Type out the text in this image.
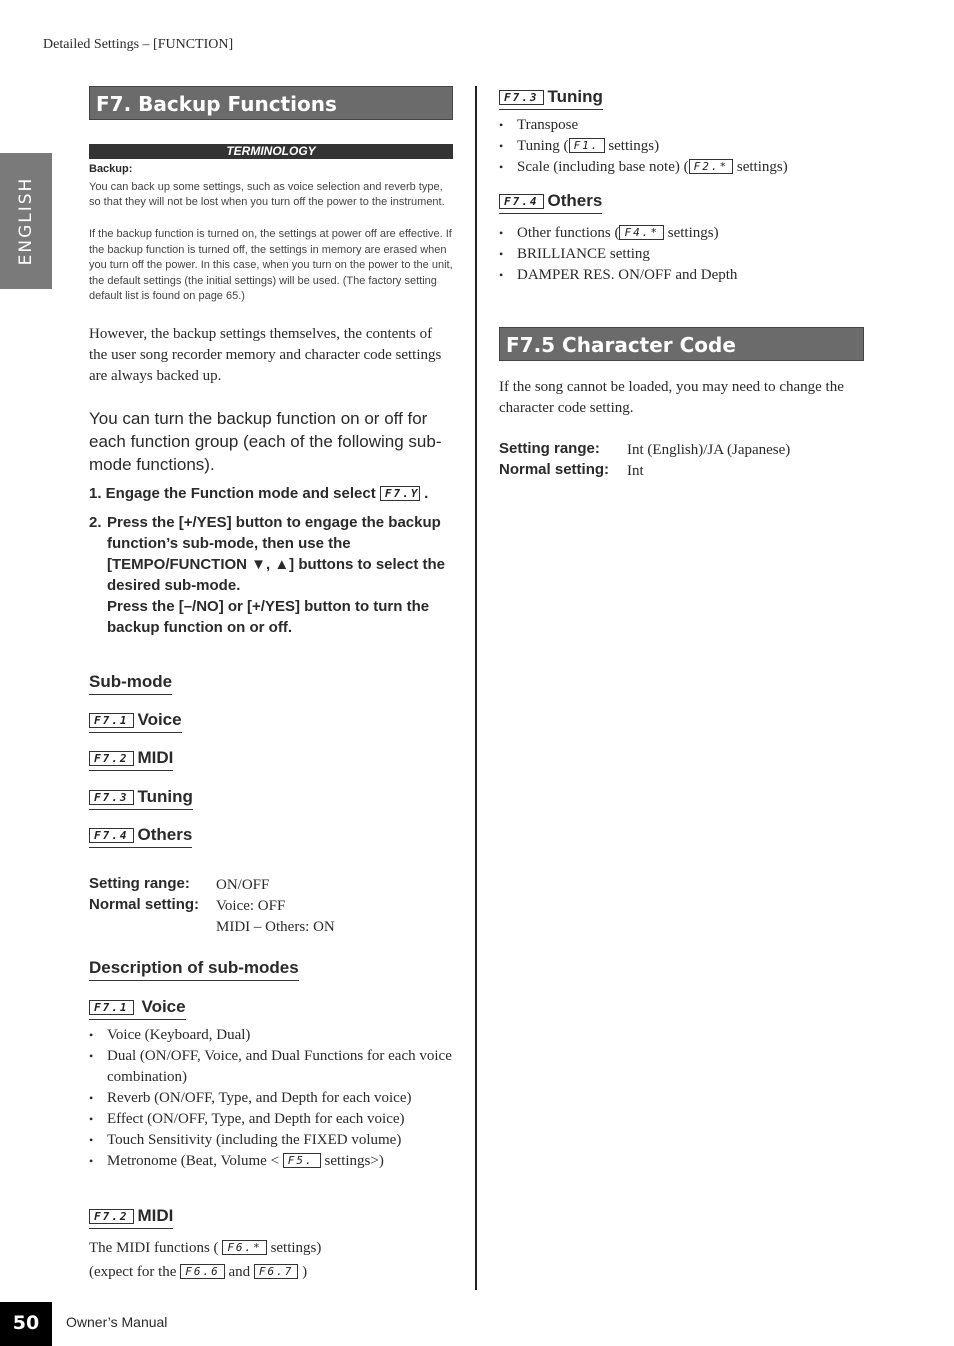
Detailed Settings – [FUNCTION]
ENGLISH
F7. Backup Functions
TERMINOLOGY
Backup:
You can back up some settings, such as voice selection and reverb type, so that they will not be lost when you turn off the power to the instrument.
If the backup function is turned on, the settings at power off are effective. If the backup function is turned off, the settings in memory are erased when you turn off the power. In this case, when you turn on the power to the unit, the default settings (the initial settings) will be used. (The factory setting default list is found on page 65.)
However, the backup settings themselves, the contents of the user song recorder memory and character code settings are always backed up.
You can turn the backup function on or off for each function group (each of the following sub-mode functions).
1. Engage the Function mode and select F7.Y .
2. Press the [+/YES] button to engage the backup function’s sub-mode, then use the [TEMPO/FUNCTION ▼, ▲] buttons to select the desired sub-mode.
Press the [–/NO] or [+/YES] button to turn the backup function on or off.
Sub-mode
F7.1 Voice
F7.2 MIDI
F7.3 Tuning
F7.4 Others
Setting range: ON/OFF
Normal setting: Voice: OFF
MIDI – Others: ON
Description of sub-modes
F7.1 Voice
• Voice (Keyboard, Dual)
• Dual (ON/OFF, Voice, and Dual Functions for each voice combination)
• Reverb (ON/OFF, Type, and Depth for each voice)
• Effect (ON/OFF, Type, and Depth for each voice)
• Touch Sensitivity (including the FIXED volume)
• Metronome (Beat, Volume < F5. settings>)
F7.2 MIDI
The MIDI functions ( F6.* settings)
(expect for the F6.6 and F6.7 )
F7.3 Tuning
• Transpose
• Tuning ( F1. settings)
• Scale (including base note) ( F2.* settings)
F7.4 Others
• Other functions ( F4.* settings)
• BRILLIANCE setting
• DAMPER RES. ON/OFF and Depth
F7.5 Character Code
If the song cannot be loaded, you may need to change the character code setting.
Setting range: Int (English)/JA (Japanese)
Normal setting: Int
50	Owner’s Manual
